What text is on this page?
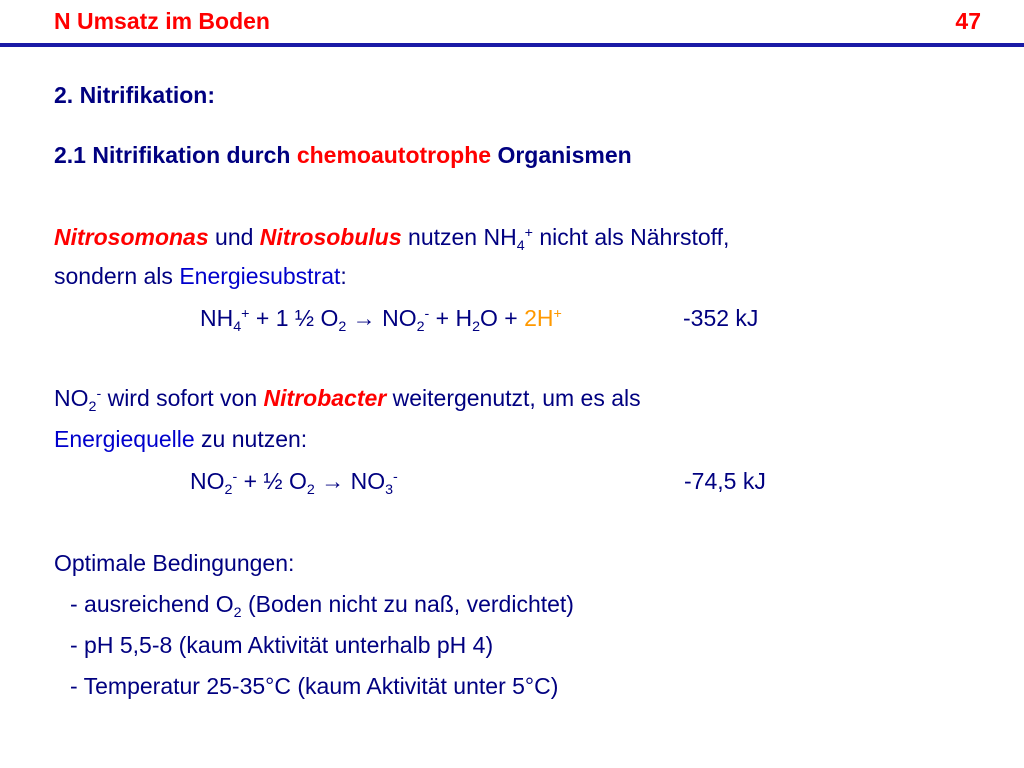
N Umsatz im Boden	47
2. Nitrifikation:
2.1 Nitrifikation durch chemoautotrophe Organismen
Nitrosomonas und Nitrosobulus nutzen $NH_4^+$ nicht als Nährstoff,
sondern als Energiesubstrat:
$NH_4^+ + 1$ ½ $O_2 \to NO_2^- + H_2O + 2H^+$	-352 kJ
$NO_2^-$ wird sofort von Nitrobacter weitergenutzt, um es als
Energiequelle zu nutzen:
$NO_2^-$ + ½ $O_2 \to NO_3^-$	-74,5 kJ
Optimale Bedingungen:
- ausreichend $O_2$ (Boden nicht zu naß, verdichtet)
- pH 5,5-8 (kaum Aktivität unterhalb pH 4)
- Temperatur 25-35°C (kaum Aktivität unter 5°C)
